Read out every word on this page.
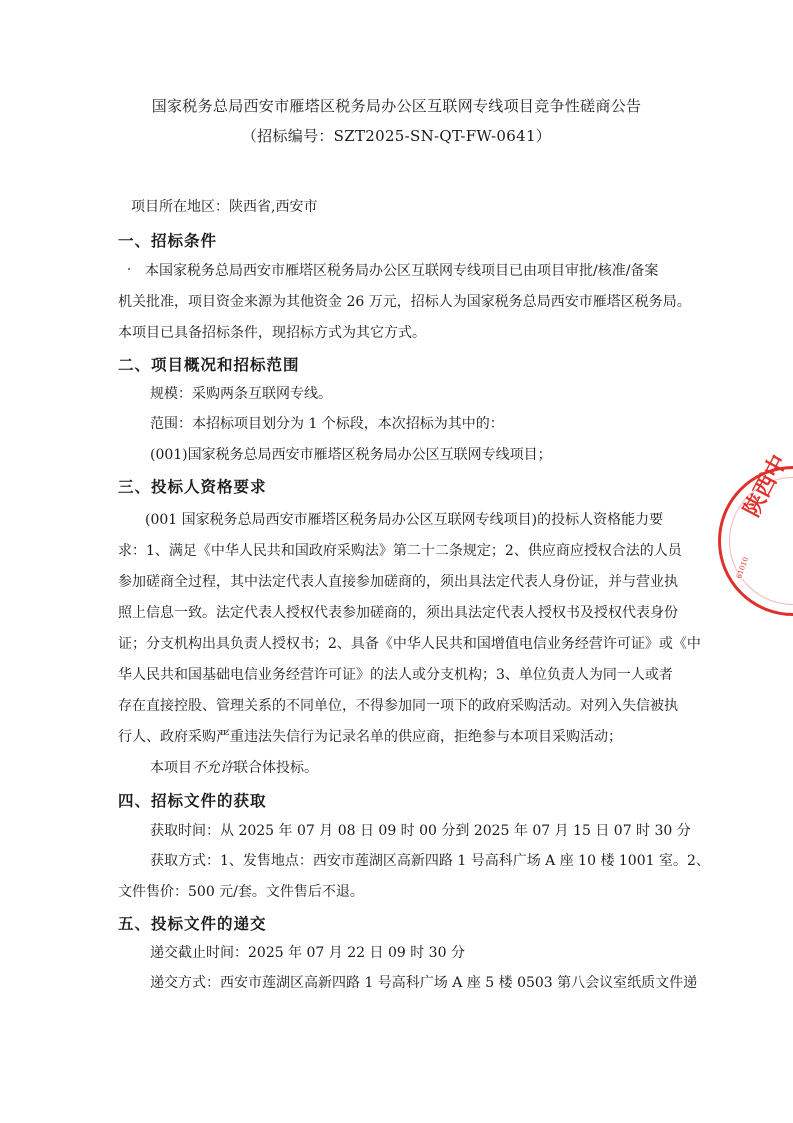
国家税务总局西安市雁塔区税务局办公区互联网专线项目竞争性磋商公告
（招标编号：SZT2025-SN-QT-FW-0641）
项目所在地区：陕西省,西安市
一、招标条件
本国家税务总局西安市雁塔区税务局办公区互联网专线项目已由项目审批/核准/备案
机关批准，项目资金来源为其他资金 26 万元，招标人为国家税务总局西安市雁塔区税务局。
本项目已具备招标条件，现招标方式为其它方式。
二、项目概况和招标范围
规模：采购两条互联网专线。
范围：本招标项目划分为 1 个标段，本次招标为其中的：
(001)国家税务总局西安市雁塔区税务局办公区互联网专线项目；
三、投标人资格要求
(001 国家税务总局西安市雁塔区税务局办公区互联网专线项目)的投标人资格能力要
求：1、满足《中华人民共和国政府采购法》第二十二条规定；2、供应商应授权合法的人员
参加磋商全过程，其中法定代表人直接参加磋商的，须出具法定代表人身份证，并与营业执
照上信息一致。法定代表人授权代表参加磋商的，须出具法定代表人授权书及授权代表身份
证；分支机构出具负责人授权书；2、具备《中华人民共和国增值电信业务经营许可证》或《中
华人民共和国基础电信业务经营许可证》的法人或分支机构；3、单位负责人为同一人或者
存在直接控股、管理关系的不同单位，不得参加同一项下的政府采购活动。对列入失信被执
行人、政府采购严重违法失信行为记录名单的供应商，拒绝参与本项目采购活动；
本项目不允许联合体投标。
四、招标文件的获取
获取时间：从 2025 年 07 月 08 日 09 时 00 分到 2025 年 07 月 15 日 07 时 30 分
获取方式：1、发售地点：西安市莲湖区高新四路 1 号高科广场 A 座 10 楼 1001 室。2、
文件售价：500 元/套。文件售后不退。
五、投标文件的递交
递交截止时间：2025 年 07 月 22 日 09 时 30 分
递交方式：西安市莲湖区高新四路 1 号高科广场 A 座 5 楼 0503 第八会议室纸质文件递
陕西中
61010
